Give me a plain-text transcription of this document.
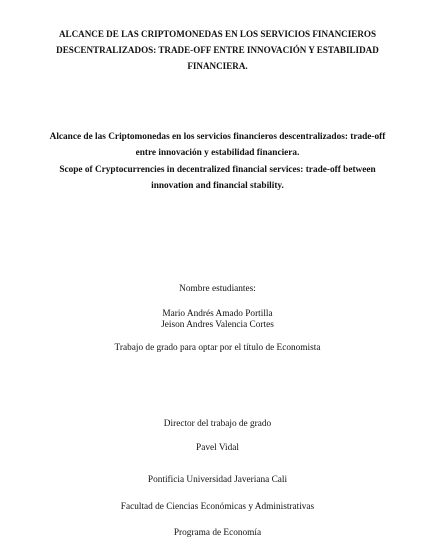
ALCANCE DE LAS CRIPTOMONEDAS EN LOS SERVICIOS FINANCIEROS
DESCENTRALIZADOS: TRADE-OFF ENTRE INNOVACIÓN Y ESTABILIDAD
FINANCIERA.
Alcance de las Criptomonedas en los servicios financieros descentralizados: trade-off
entre innovación y estabilidad financiera.
Scope of Cryptocurrencies in decentralized financial services: trade-off between
innovation and financial stability.
Nombre estudiantes:
Mario Andrés Amado Portilla
Jeison Andres Valencia Cortes
Trabajo de grado para optar por el título de Economista
Director del trabajo de grado
Pavel Vidal
Pontificia Universidad Javeriana Cali
Facultad de Ciencias Económicas y Administrativas
Programa de Economía
